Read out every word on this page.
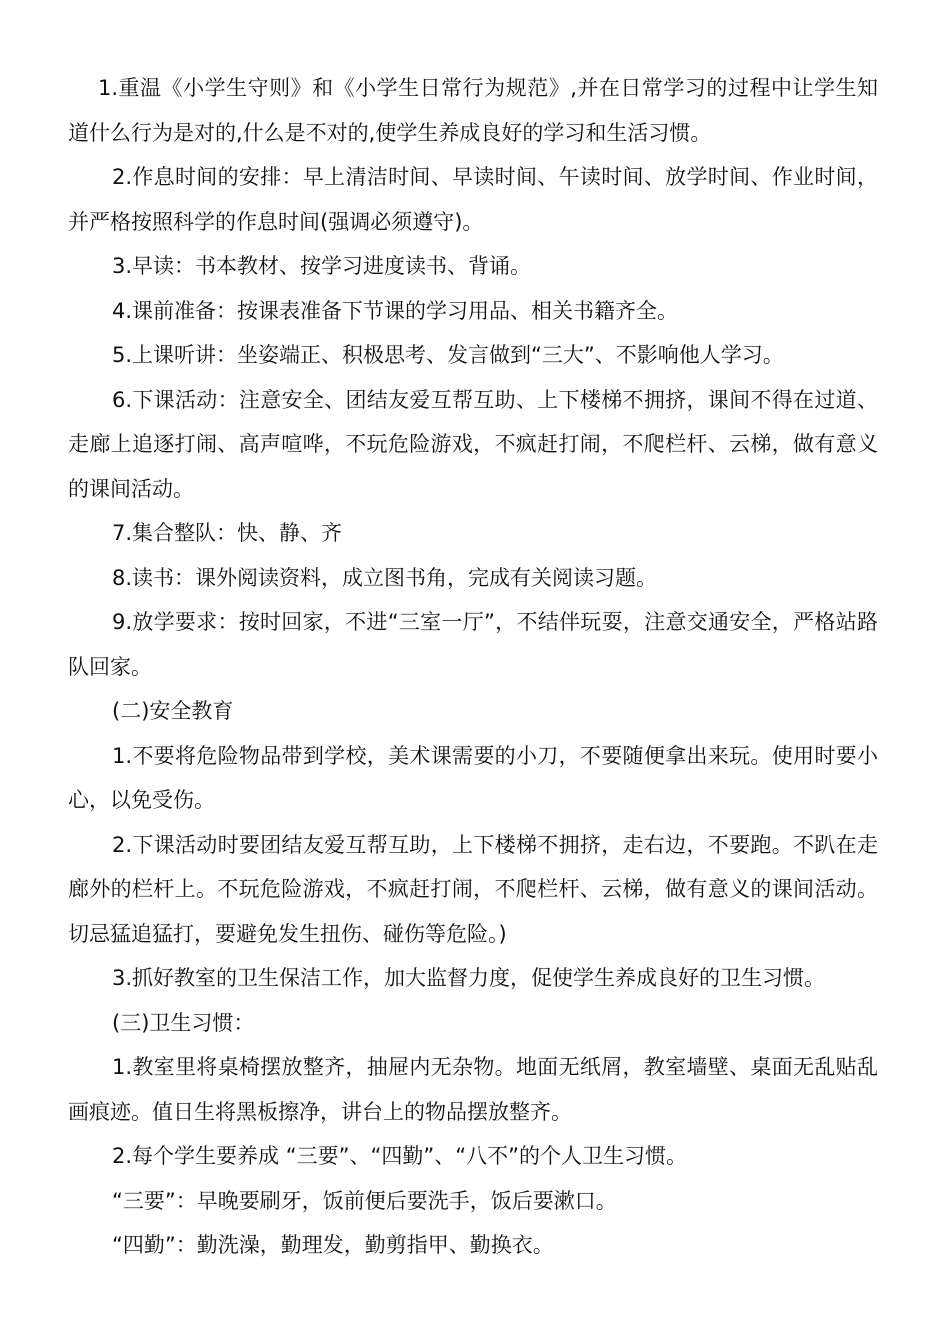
1.重温《小学生守则》和《小学生日常行为规范》,并在日常学习的过程中让学生知道什么行为是对的,什么是不对的,使学生养成良好的学习和生活习惯。

2.作息时间的安排：早上清洁时间、早读时间、午读时间、放学时间、作业时间，并严格按照科学的作息时间(强调必须遵守)。

3.早读：书本教材、按学习进度读书、背诵。

4.课前准备：按课表准备下节课的学习用品、相关书籍齐全。

5.上课听讲：坐姿端正、积极思考、发言做到“三大”、不影响他人学习。

6.下课活动：注意安全、团结友爱互帮互助、上下楼梯不拥挤，课间不得在过道、走廊上追逐打闹、高声喧哗，不玩危险游戏，不疯赶打闹，不爬栏杆、云梯，做有意义的课间活动。

7.集合整队：快、静、齐

8.读书：课外阅读资料，成立图书角，完成有关阅读习题。

9.放学要求：按时回家，不进“三室一厅”，不结伴玩耍，注意交通安全，严格站路队回家。

(二)安全教育

1.不要将危险物品带到学校，美术课需要的小刀，不要随便拿出来玩。使用时要小心，以免受伤。

2.下课活动时要团结友爱互帮互助，上下楼梯不拥挤，走右边，不要跑。不趴在走廊外的栏杆上。不玩危险游戏，不疯赶打闹，不爬栏杆、云梯，做有意义的课间活动。切忌猛追猛打，要避免发生扭伤、碰伤等危险。)

3.抓好教室的卫生保洁工作，加大监督力度，促使学生养成良好的卫生习惯。

(三)卫生习惯：

1.教室里将桌椅摆放整齐，抽屉内无杂物。地面无纸屑，教室墙壁、桌面无乱贴乱画痕迹。值日生将黑板擦净，讲台上的物品摆放整齐。

2.每个学生要养成 “三要”、“四勤”、“八不”的个人卫生习惯。

“三要”：早晚要刷牙，饭前便后要洗手，饭后要漱口。

“四勤”：勤洗澡，勤理发，勤剪指甲、勤换衣。
